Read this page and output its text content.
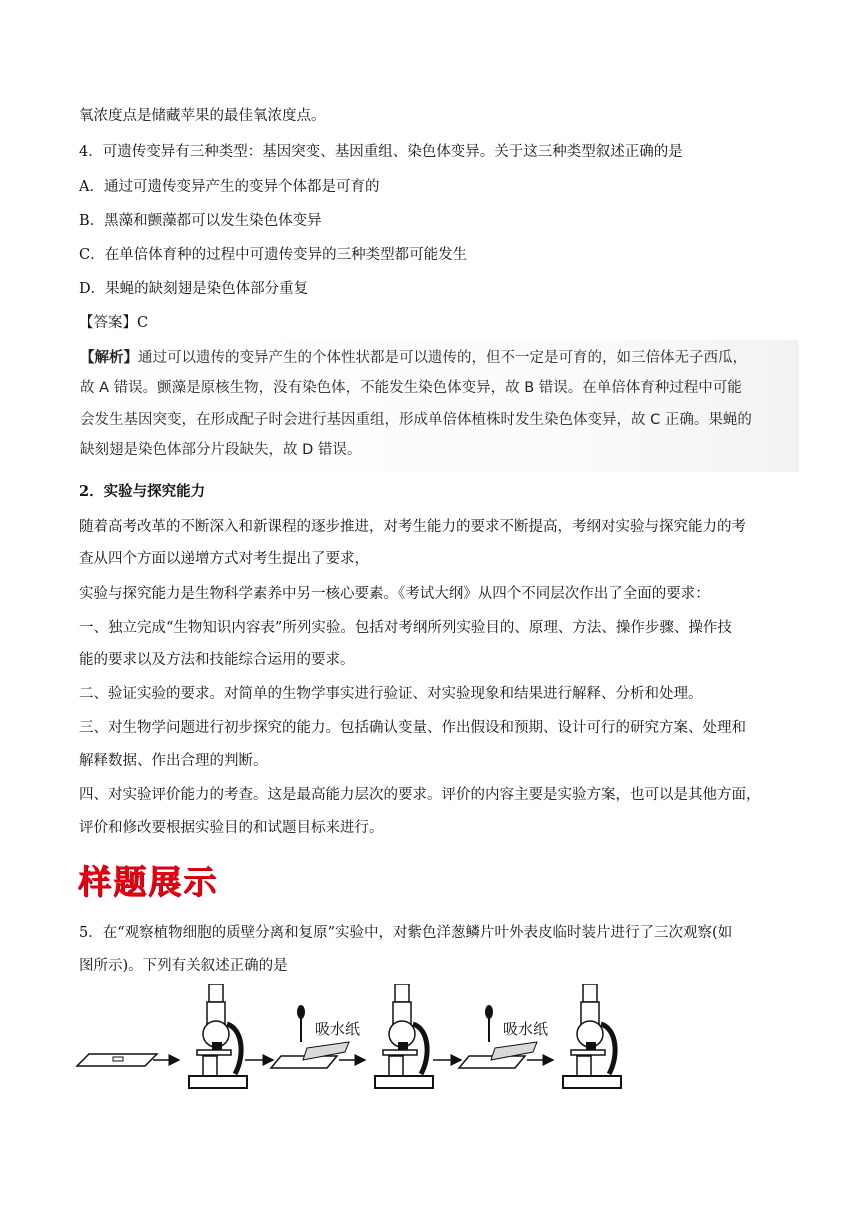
氧浓度点是储藏苹果的最佳氧浓度点。
4．可遗传变异有三种类型：基因突变、基因重组、染色体变异。关于这三种类型叙述正确的是
A．通过可遗传变异产生的变异个体都是可育的
B．黑藻和颤藻都可以发生染色体变异
C．在单倍体育种的过程中可遗传变异的三种类型都可能发生
D．果蝇的缺刻翅是染色体部分重复
【答案】C
【解析】通过可以遗传的变异产生的个体性状都是可以遗传的，但不一定是可育的，如三倍体无子西瓜，
故 A 错误。颤藻是原核生物，没有染色体，不能发生染色体变异，故 B 错误。在单倍体育种过程中可能
会发生基因突变，在形成配子时会进行基因重组，形成单倍体植株时发生染色体变异，故 C 正确。果蝇的
缺刻翅是染色体部分片段缺失，故 D 错误。
2．实验与探究能力
随着高考改革的不断深入和新课程的逐步推进，对考生能力的要求不断提高，考纲对实验与探究能力的考
查从四个方面以递增方式对考生提出了要求，
实验与探究能力是生物科学素养中另一核心要素。《考试大纲》从四个不同层次作出了全面的要求：
一、独立完成“生物知识内容表”所列实验。包括对考纲所列实验目的、原理、方法、操作步骤、操作技
能的要求以及方法和技能综合运用的要求。
二、验证实验的要求。对简单的生物学事实进行验证、对实验现象和结果进行解释、分析和处理。
三、对生物学问题进行初步探究的能力。包括确认变量、作出假设和预期、设计可行的研究方案、处理和
解释数据、作出合理的判断。
四、对实验评价能力的考查。这是最高能力层次的要求。评价的内容主要是实验方案，也可以是其他方面，
评价和修改要根据实验目的和试题目标来进行。
样题展示
5．在“观察植物细胞的质壁分离和复原”实验中，对紫色洋葱鳞片叶外表皮临时装片进行了三次观察(如
图所示)。下列有关叙述正确的是
吸水纸	吸水纸
